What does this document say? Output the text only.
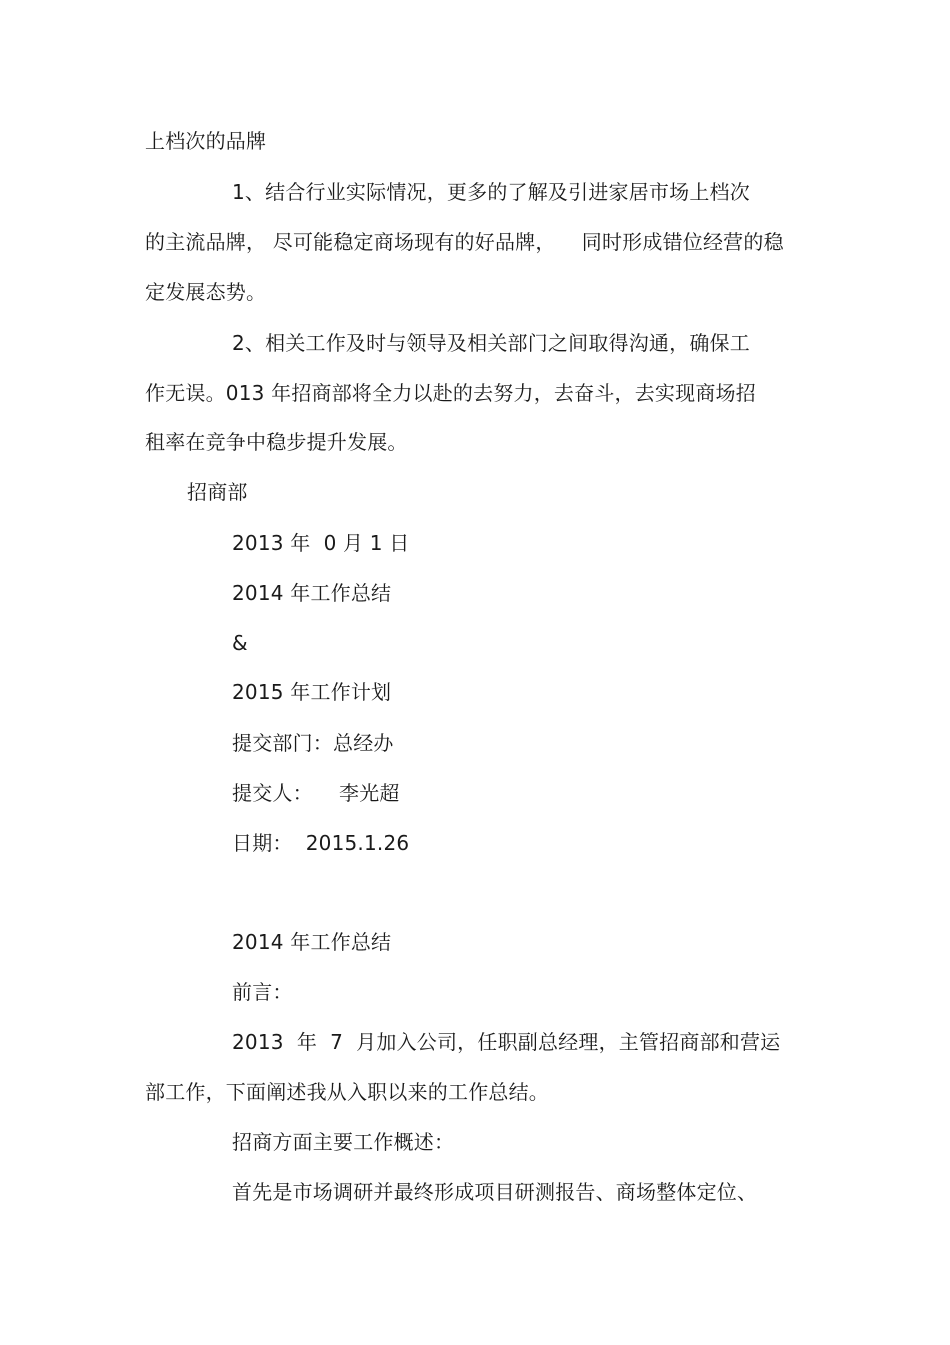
上档次的品牌
1、结合行业实际情况，更多的了解及引进家居市场上档次
的主流品牌， 尽可能稳定商场现有的好品牌，    同时形成错位经营的稳
定发展态势。
2、相关工作及时与领导及相关部门之间取得沟通，确保工
作无误。013 年招商部将全力以赴的去努力，去奋斗，去实现商场招
租率在竞争中稳步提升发展。
招商部
2013 年  0 月 1 日
2014 年工作总结
&
2015 年工作计划
提交部门：总经办
提交人：    李光超
日期：  2015.1.26
2014 年工作总结
前言：
2013  年  7  月加入公司，任职副总经理，主管招商部和营运
部工作，下面阐述我从入职以来的工作总结。
招商方面主要工作概述：
首先是市场调研并最终形成项目研测报告、商场整体定位、
